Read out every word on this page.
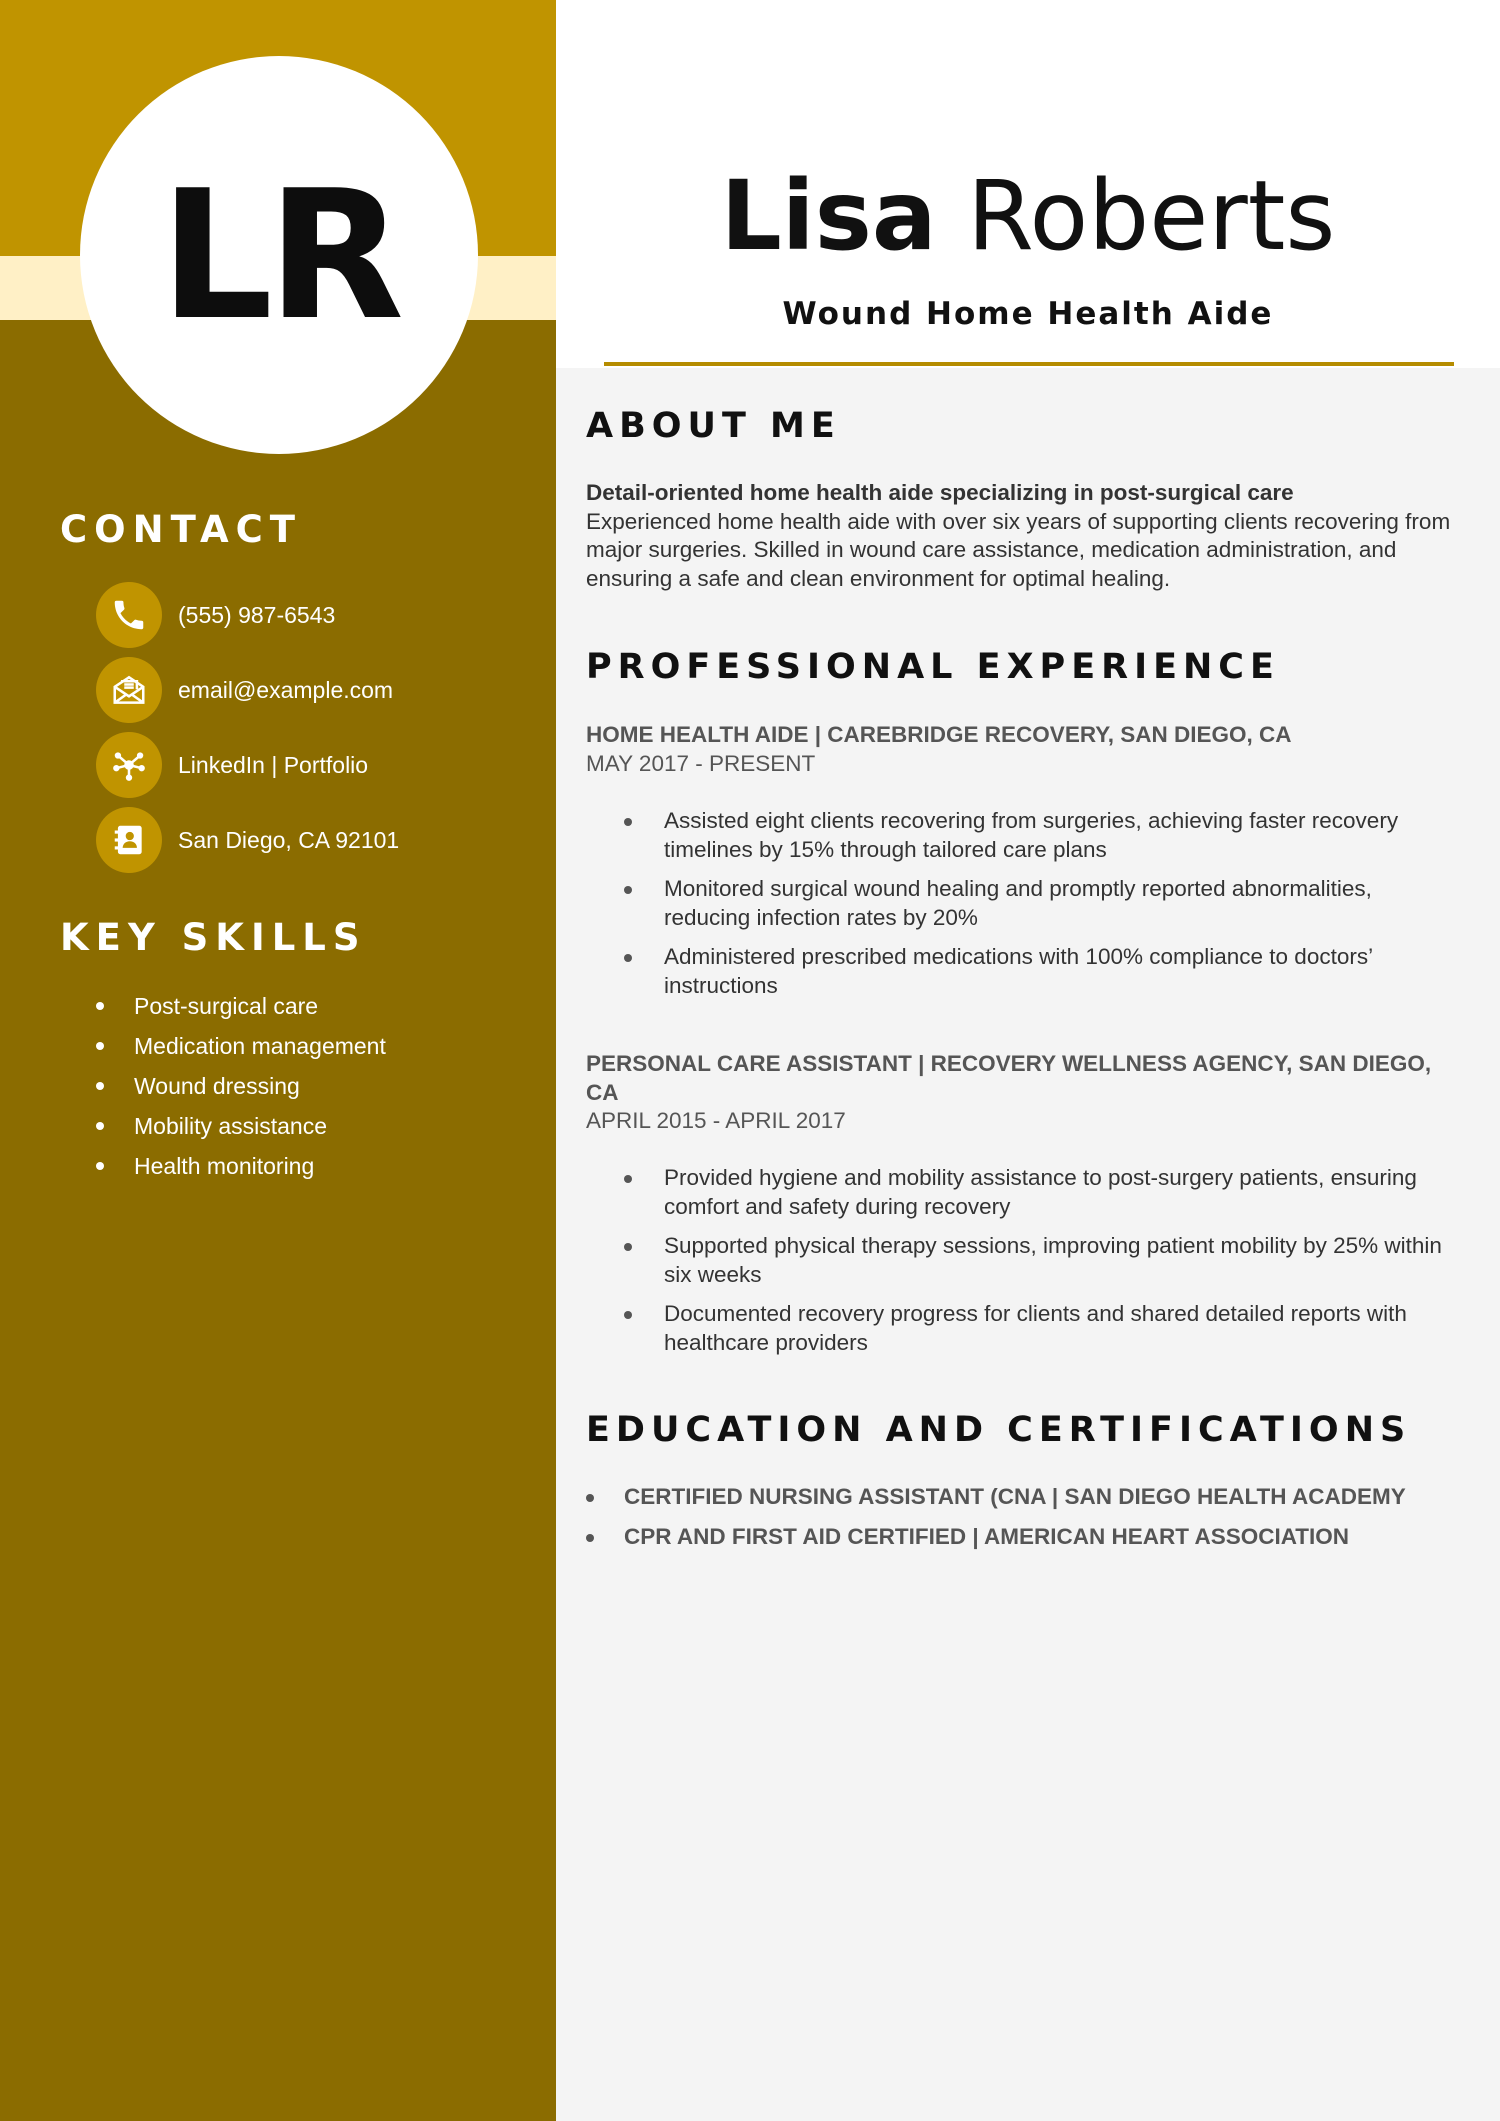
LR
CONTACT
(555) 987-6543
email@example.com
LinkedIn | Portfolio
San Diego, CA 92101
KEY SKILLS
Post-surgical care
Medication management
Wound dressing
Mobility assistance
Health monitoring
Lisa Roberts
Wound Home Health Aide
ABOUT ME
Detail-oriented home health aide specializing in post-surgical care
Experienced home health aide with over six years of supporting clients recovering from major surgeries. Skilled in wound care assistance, medication administration, and ensuring a safe and clean environment for optimal healing.
PROFESSIONAL EXPERIENCE
HOME HEALTH AIDE | CAREBRIDGE RECOVERY, SAN DIEGO, CA
MAY 2017 - PRESENT
Assisted eight clients recovering from surgeries, achieving faster recovery timelines by 15% through tailored care plans
Monitored surgical wound healing and promptly reported abnormalities, reducing infection rates by 20%
Administered prescribed medications with 100% compliance to doctors’ instructions
PERSONAL CARE ASSISTANT | RECOVERY WELLNESS AGENCY, SAN DIEGO, CA
APRIL 2015 - APRIL 2017
Provided hygiene and mobility assistance to post-surgery patients, ensuring comfort and safety during recovery
Supported physical therapy sessions, improving patient mobility by 25% within six weeks
Documented recovery progress for clients and shared detailed reports with healthcare providers
EDUCATION AND CERTIFICATIONS
CERTIFIED NURSING ASSISTANT (CNA | SAN DIEGO HEALTH ACADEMY
CPR AND FIRST AID CERTIFIED | AMERICAN HEART ASSOCIATION
